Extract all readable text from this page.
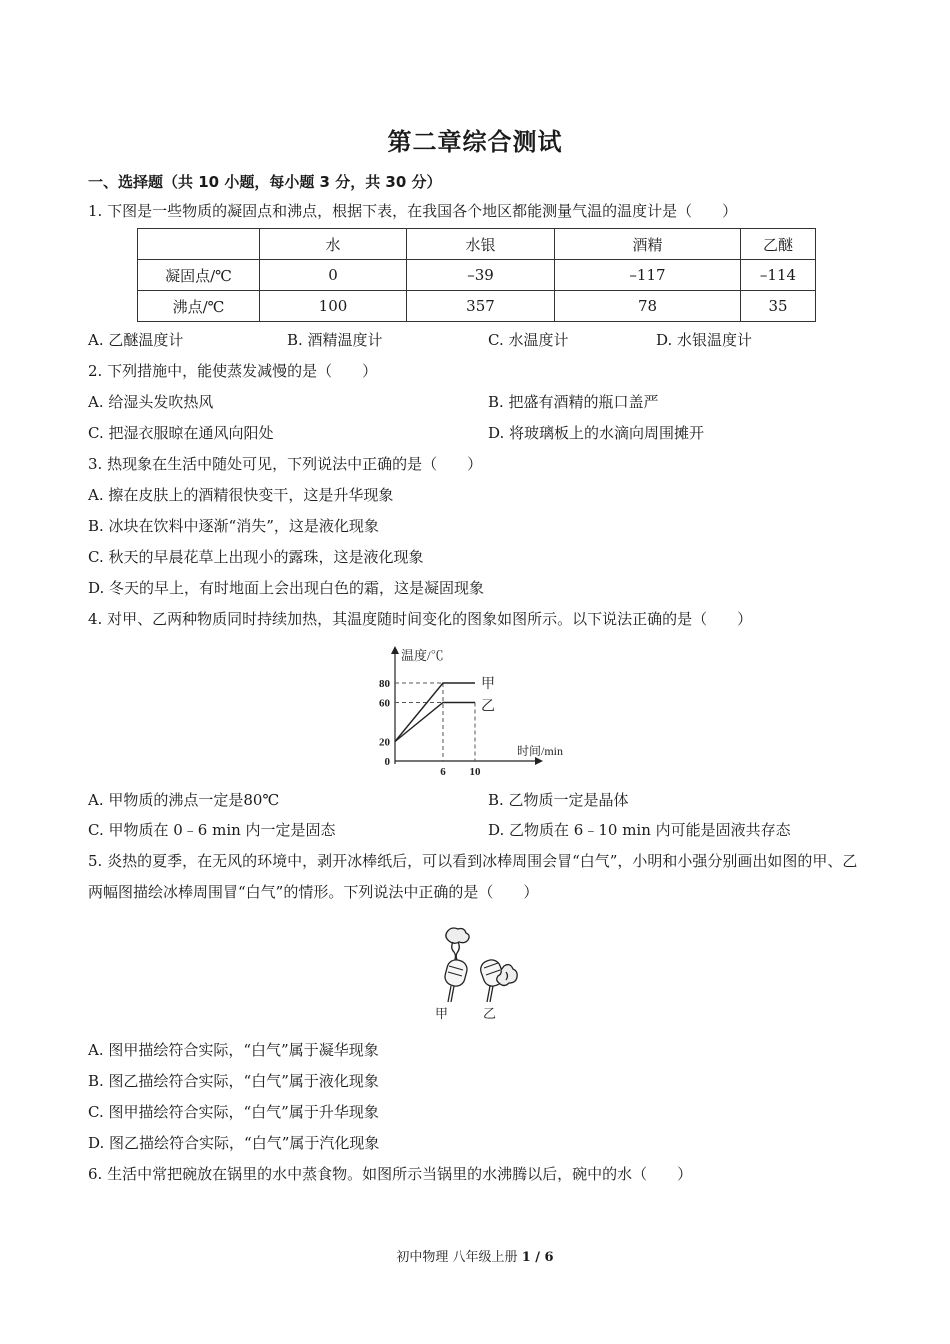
第二章综合测试
一、选择题（共 10 小题，每小题 3 分，共 30 分）
1. 下图是一些物质的凝固点和沸点，根据下表，在我国各个地区都能测量气温的温度计是（　　）
	水	水银	酒精	乙醚
凝固点/℃	0	–39	–117	–114
沸点/℃	100	357	78	35
A. 乙醚温度计	B. 酒精温度计	C. 水温度计	D. 水银温度计
2. 下列措施中，能使蒸发减慢的是（　　）
A. 给湿头发吹热风	B. 把盛有酒精的瓶口盖严
C. 把湿衣服晾在通风向阳处	D. 将玻璃板上的水滴向周围摊开
3. 热现象在生活中随处可见，下列说法中正确的是（　　）
A. 擦在皮肤上的酒精很快变干，这是升华现象
B. 冰块在饮料中逐渐“消失”，这是液化现象
C. 秋天的早晨花草上出现小的露珠，这是液化现象
D. 冬天的早上，有时地面上会出现白色的霜，这是凝固现象
4. 对甲、乙两种物质同时持续加热，其温度随时间变化的图象如图所示。以下说法正确的是（　　）
温度/℃
时间/min
甲
乙
20
60
80
0
6 10
A. 甲物质的沸点一定是80℃	B. 乙物质一定是晶体
C. 甲物质在 0﹣6 min 内一定是固态	D. 乙物质在 6﹣10 min 内可能是固液共存态
5. 炎热的夏季，在无风的环境中，剥开冰棒纸后，可以看到冰棒周围会冒“白气”，小明和小强分别画出如图的甲、乙两幅图描绘冰棒周围冒“白气”的情形。下列说法中正确的是（　　）
甲	乙
A. 图甲描绘符合实际，“白气”属于凝华现象
B. 图乙描绘符合实际，“白气”属于液化现象
C. 图甲描绘符合实际，“白气”属于升华现象
D. 图乙描绘符合实际，“白气”属于汽化现象
6. 生活中常把碗放在锅里的水中蒸食物。如图所示当锅里的水沸腾以后，碗中的水（　　）
初中物理 八年级上册 1 / 6
